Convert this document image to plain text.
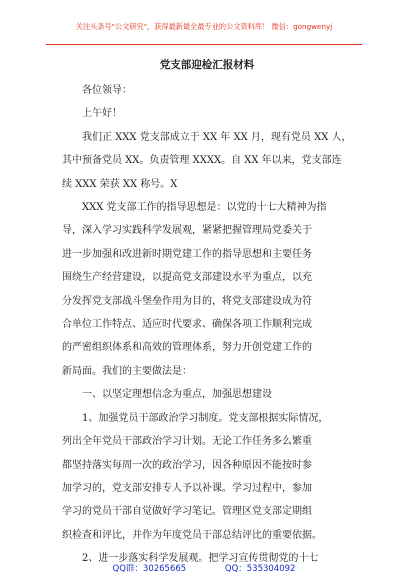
关注头条号"公文研究"，获得最新最全最专业的公文资料库！ 微信：gongwenyj
党支部迎检汇报材料

各位领导：

上午好！

我们正 XXX 党支部成立于 XX 年 XX 月，现有党员 XX 人，

其中预备党员 XX。负责管理 XXXX。自 XX 年以来，党支部连

续 XXX 荣获 XX 称号。X

XXX 党支部工作的指导思想是：以党的十七大精神为指

导，深入学习实践科学发展观，紧紧把握管理局党委关于

进一步加强和改进新时期党建工作的指导思想和主要任务

围绕生产经营建设，以提高党支部建设水平为重点，以充

分发挥党支部战斗堡垒作用为目的，将党支部建设成为符

合单位工作特点、适应时代要求、确保各项工作顺利完成

的严密组织体系和高效的管理体系，努力开创党建工作的

新局面。我们的主要做法是：

一、以坚定理想信念为重点，加强思想建设

1、加强党员干部政治学习制度。党支部根据实际情况，

列出全年党员干部政治学习计划。无论工作任务多么繁重

都坚持落实每周一次的政治学习，因各种原因不能按时参

加学习的，党支部安排专人予以补课。学习过程中，参加

学习的党员干部自觉做好学习笔记。管理区党支部定期组

织检查和评比，并作为年度党员干部总结评比的重要依据。

2、进一步落实科学发展观。把学习宣传贯彻党的十七

QQ群：30265665	QQ：535304092
